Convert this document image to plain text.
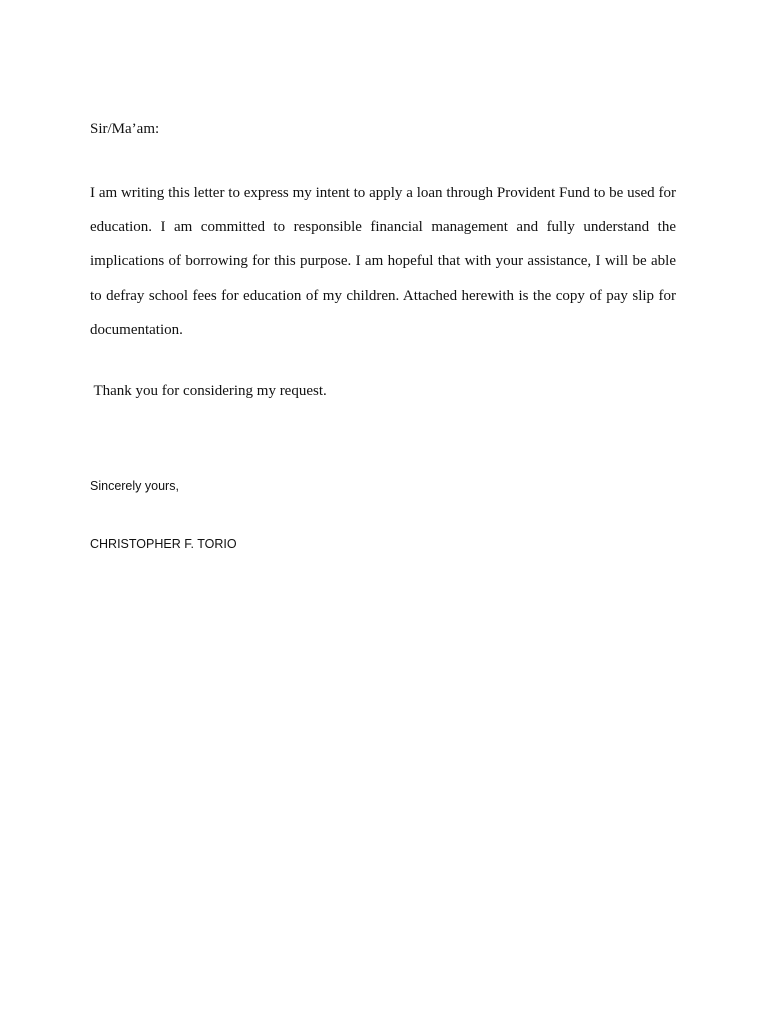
Sir/Ma’am:

I am writing this letter to express my intent to apply a loan through Provident Fund to be used for education. I am committed to responsible financial management and fully understand the implications of borrowing for this purpose. I am hopeful that with your assistance, I will be able to defray school fees for education of my children. Attached herewith is the copy of pay slip for documentation.

Thank you for considering my request.

Sincerely yours,

CHRISTOPHER F. TORIO
